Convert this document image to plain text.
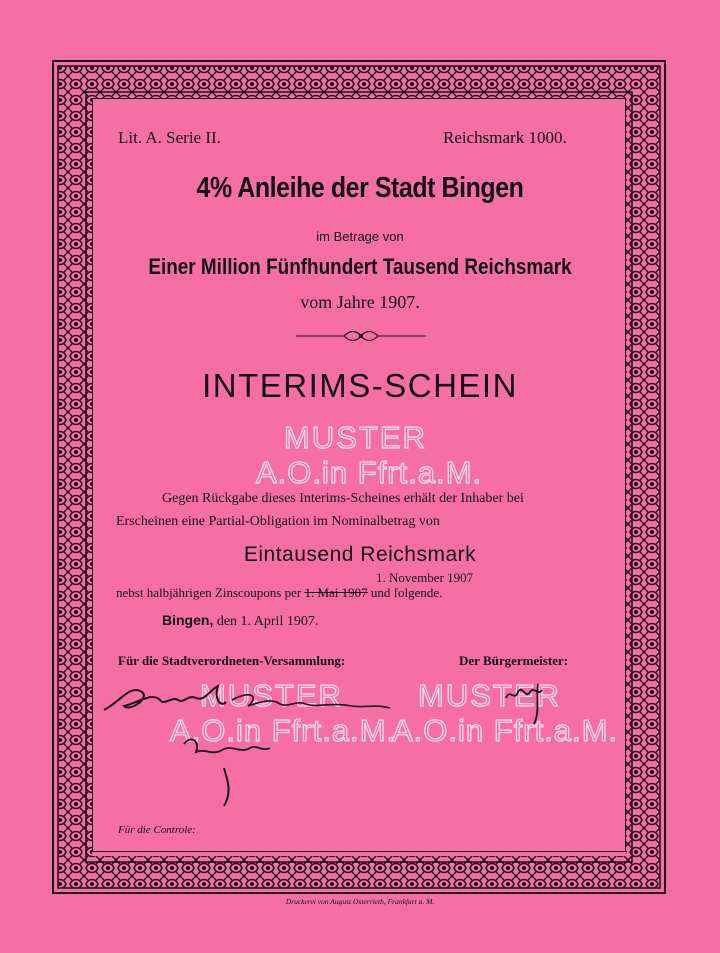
Lit. A. Serie II.	Reichsmark 1000.
4% Anleihe der Stadt Bingen
im Betrage von
Einer Million Fünfhundert Tausend Reichsmark
vom Jahre 1907.
INTERIMS-SCHEIN
MUSTER
A.O.in Ffrt.a.M.
Gegen Rückgabe dieses Interims-Scheines erhält der Inhaber bei
Erscheinen eine Partial-Obligation im Nominalbetrag von
Eintausend Reichsmark
1. November 1907
nebst halbjährigen Zinscoupons per 1. Mai 1907 und folgende.
Bingen, den 1. April 1907.
Für die Stadtverordneten-Versammlung:	Der Bürgermeister:
MUSTER
A.O.in Ffrt.a.M.
MUSTER
A.O.in Ffrt.a.M.
Für die Controle:
Druckerei von August Osterrieth, Frankfurt a. M.
